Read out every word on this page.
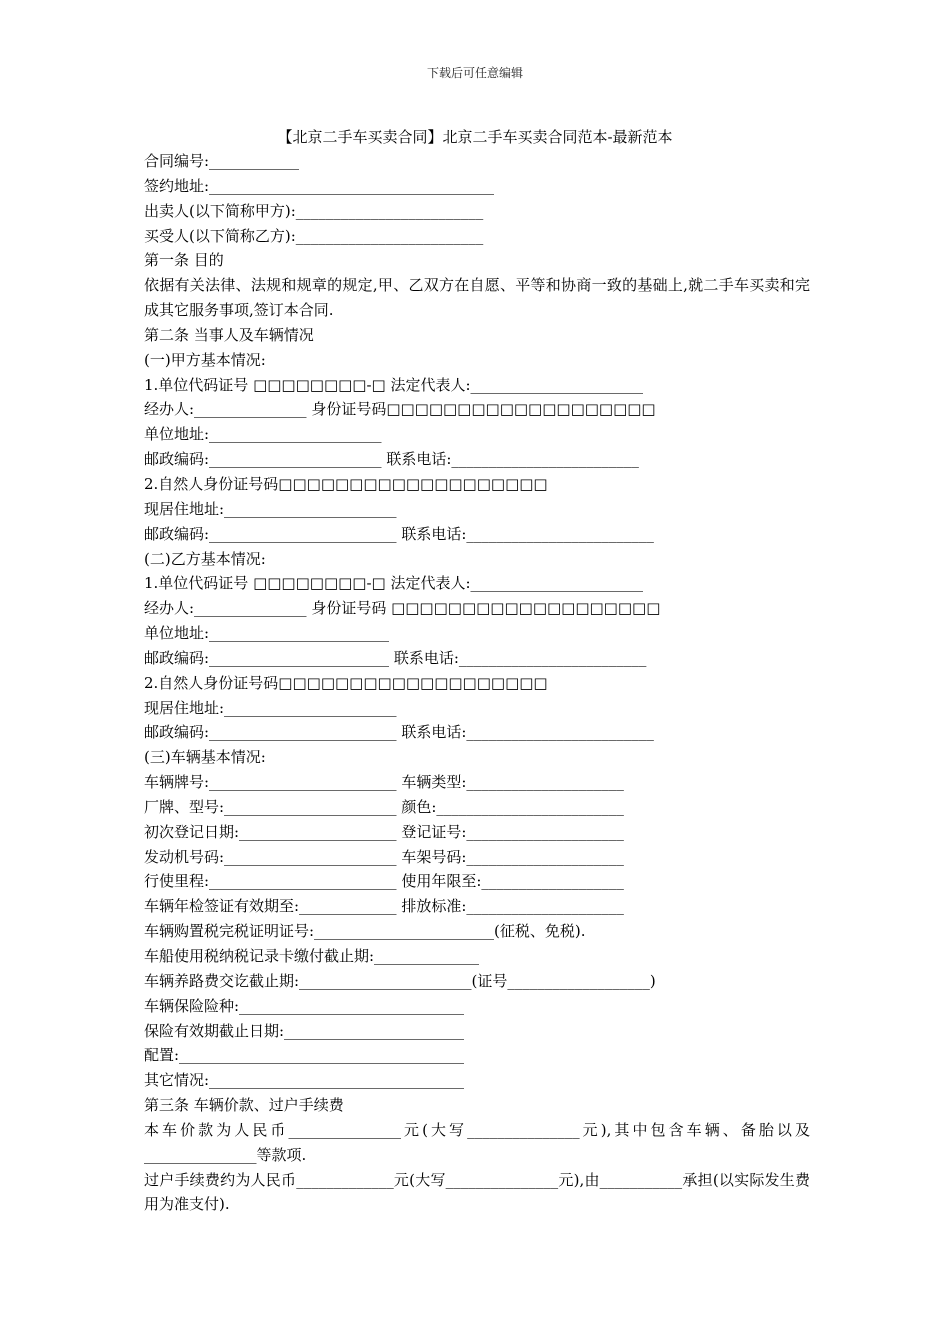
下载后可任意编辑
【北京二手车买卖合同】北京二手车买卖合同范本-最新范本
合同编号:____________
签约地址:______________________________________
出卖人(以下简称甲方):_________________________
买受人(以下简称乙方):_________________________
第一条 目的
依据有关法律、法规和规章的规定,甲、乙双方在自愿、平等和协商一致的基础上,就二手车买卖和完成其它服务事项,签订本合同.
第二条 当事人及车辆情况
(一)甲方基本情况:
1.单位代码证号 □□□□□□□□-□ 法定代表人:_______________________
经办人:_______________ 身份证号码□□□□□□□□□□□□□□□□□□□
单位地址:_______________________
邮政编码:_______________________ 联系电话:_________________________
2.自然人身份证号码□□□□□□□□□□□□□□□□□□□
现居住地址:_______________________
邮政编码:_________________________ 联系电话:_________________________
(二)乙方基本情况:
1.单位代码证号 □□□□□□□□-□ 法定代表人:_______________________
经办人:_______________ 身份证号码 □□□□□□□□□□□□□□□□□□□
单位地址:________________________
邮政编码:________________________ 联系电话:_________________________
2.自然人身份证号码□□□□□□□□□□□□□□□□□□□
现居住地址:_______________________
邮政编码:_________________________ 联系电话:_________________________
(三)车辆基本情况:
车辆牌号:_________________________ 车辆类型:_____________________
厂牌、型号:_______________________ 颜色:_________________________
初次登记日期:_____________________ 登记证号:_____________________
发动机号码:_______________________ 车架号码:_____________________
行使里程:_________________________ 使用年限至:___________________
车辆年检签证有效期至:_____________ 排放标准:_____________________
车辆购置税完税证明证号:________________________(征税、免税).
车船使用税纳税记录卡缴付截止期:______________
车辆养路费交讫截止期:_______________________(证号___________________)
车辆保险险种:______________________________
保险有效期截止日期:________________________
配置:______________________________________
其它情况:__________________________________
第三条 车辆价款、过户手续费
本车价款为人民币_______________元(大写_______________元),其中包含车辆、备胎以及_______________等款项.
过户手续费约为人民币_____________元(大写_______________元),由___________承担(以实际发生费用为准支付).
